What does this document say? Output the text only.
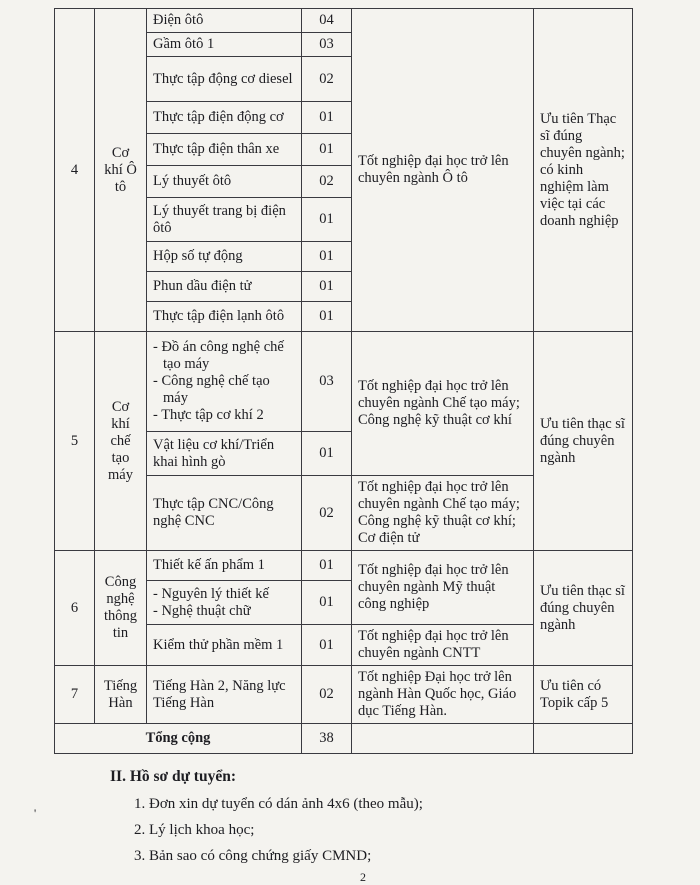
4	Cơ khí Ô tô	Điện ôtô	04	Tốt nghiệp đại học trở lên chuyên ngành Ô tô	Ưu tiên Thạc sĩ đúng chuyên ngành; có kinh nghiệm làm việc tại các doanh nghiệp
		Gầm ôtô 1	03		
		Thực tập động cơ diesel	02		
		Thực tập điện động cơ	01		
		Thực tập điện thân xe	01		
		Lý thuyết ôtô	02		
		Lý thuyết trang bị điện ôtô	01		
		Hộp số tự động	01		
		Phun dầu điện tử	01		
		Thực tập điện lạnh ôtô	01		
5	Cơ khí chế tạo máy	- Đồ án công nghệ chế tạo máy
- Công nghệ chế tạo máy
- Thực tập cơ khí 2	03	Tốt nghiệp đại học trở lên chuyên ngành Chế tạo máy; Công nghệ kỹ thuật cơ khí	Ưu tiên thạc sĩ đúng chuyên ngành
		Vật liệu cơ khí/Triển khai hình gò	01		
		Thực tập CNC/Công nghệ CNC	02	Tốt nghiệp đại học trở lên chuyên ngành Chế tạo máy; Công nghệ kỹ thuật cơ khí; Cơ điện tử	
6	Công nghệ thông tin	Thiết kế ấn phẩm 1	01	Tốt nghiệp đại học trở lên chuyên ngành Mỹ thuật công nghiệp	Ưu tiên thạc sĩ đúng chuyên ngành

		- Nguyên lý thiết kế
- Nghệ thuật chữ	01		
		Kiểm thử phần mềm 1	01	Tốt nghiệp đại học trở lên chuyên ngành CNTT	
7	Tiếng Hàn	Tiếng Hàn 2, Năng lực Tiếng Hàn	02	Tốt nghiệp Đại học trở lên ngành Hàn Quốc học, Giáo dục Tiếng Hàn.	Ưu tiên có Topik cấp 5
Tổng cộng			38		
II. Hồ sơ dự tuyển:
1. Đơn xin dự tuyển có dán ảnh 4x6 (theo mẫu);
2. Lý lịch khoa học;
3. Bản sao có công chứng giấy CMND;
'
2
